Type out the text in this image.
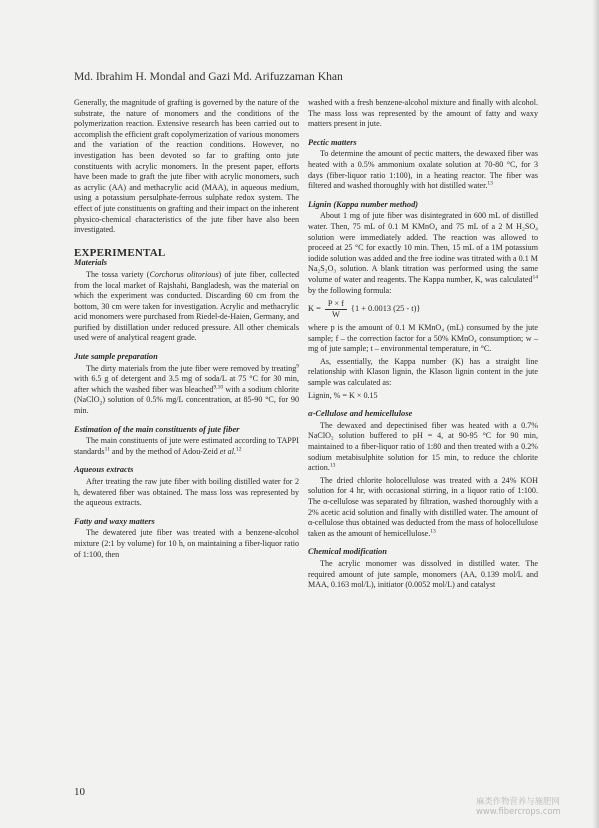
Md. Ibrahim H. Mondal and Gazi Md. Arifuzzaman Khan

Generally, the magnitude of grafting is governed by the nature of the substrate, the nature of monomers and the conditions of the polymerization reaction. Extensive research has been carried out to accomplish the efficient graft copolymerization of various monomers and the variation of the reaction conditions. However, no investigation has been devoted so far to grafting onto jute constituents with acrylic monomers. In the present paper, efforts have been made to graft the jute fiber with acrylic monomers, such as acrylic (AA) and methacrylic acid (MAA), in aqueous medium, using a potassium persulphate-ferrous sulphate redox system. The effect of jute constituents on grafting and their impact on the inherent physico-chemical characteristics of the jute fiber have also been investigated.

EXPERIMENTAL
Materials

The tossa variety (Corchorus olitorious) of jute fiber, collected from the local market of Rajshahi, Bangladesh, was the material on which the experiment was conducted. Discarding 60 cm from the bottom, 30 cm were taken for investigation. Acrylic and methacrylic acid monomers were purchased from Riedel-de-Haien, Germany, and purified by distillation under reduced pressure. All other chemicals used were of analytical reagent grade.

Jute sample preparation

The dirty materials from the jute fiber were removed by treating$^9$ with 6.5 g of detergent and 3.5 mg of soda/L at 75 °C for 30 min, after which the washed fiber was bleached$^{9,10}$ with a sodium chlorite (NaClO$_2$) solution of 0.5% mg/L concentration, at 85-90 °C, for 90 min.

Estimation of the main constituents of jute fiber

The main constituents of jute were estimated according to TAPPI standards$^{11}$ and by the method of Adou-Zeid et al.$^{12}$

Aqueous extracts

After treating the raw jute fiber with boiling distilled water for 2 h, dewatered fiber was obtained. The mass loss was represented by the aqueous extracts.

Fatty and waxy matters

The dewatered jute fiber was treated with a benzene-alcohol mixture (2:1 by volume) for 10 h, on maintaining a fiber-liquor ratio of 1:100, then

washed with a fresh benzene-alcohol mixture and finally with alcohol. The mass loss was represented by the amount of fatty and waxy matters present in jute.

Pectic matters

To determine the amount of pectic matters, the dewaxed fiber was heated with a 0.5% ammonium oxalate solution at 70-80 °C, for 3 days (fiber-liquor ratio 1:100), in a heating reactor. The fiber was filtered and washed thoroughly with hot distilled water.$^{13}$

Lignin (Kappa number method)

About 1 mg of jute fiber was disintegrated in 600 mL of distilled water. Then, 75 mL of 0.1 M KMnO₄ and 75 mL of a 2 M H₂SO₄ solution were immediately added. The reaction was allowed to proceed at 25 °C for exactly 10 min. Then, 15 mL of a 1M potassium iodide solution was added and the free iodine was titrated with a 0.1 M Na₂S₂O₃ solution. A blank titration was performed using the same volume of water and reagents. The Kappa number, K, was calculated$^{14}$ by the following formula:

$K = \frac{P \times f}{W} \{1 + 0.0013$ (25 - t)}

where p is the amount of 0.1 M KMnO₄ (mL) consumed by the jute sample; f – the correction factor for a 50% KMnO₄ consumption; w – mg of jute sample; t – environmental temperature, in °C.

As, essentially, the Kappa number (K) has a straight line relationship with Klason lignin, the Klason lignin content in the jute sample was calculated as:

Lignin, % = K × 0.15

α-Cellulose and hemicellulose

The dewaxed and depectinised fiber was heated with a 0.7% NaClO₂ solution buffered to pH = 4, at 90-95 °C for 90 min, maintained to a fiber-liquor ratio of 1:80 and then treated with a 0.2% sodium metabisulphite solution for 15 min, to reduce the chlorite action.$^{13}$

The dried chlorite holocellulose was treated with a 24% KOH solution for 4 hr, with occasional stirring, in a liquor ratio of 1:100. The α-cellulose was separated by filtration, washed thoroughly with a 2% acetic acid solution and finally with distilled water. The amount of α-cellulose thus obtained was deducted from the mass of holocellulose taken as the amount of hemicellulose.$^{13}$

Chemical modification

The acrylic monomer was dissolved in distilled water. The required amount of jute sample, monomers (AA, 0.139 mol/L and MAA, 0.163 mol/L), initiator (0.0052 mol/L) and catalyst

10
麻类作物营养与施肥网
www.fibercrops.com
